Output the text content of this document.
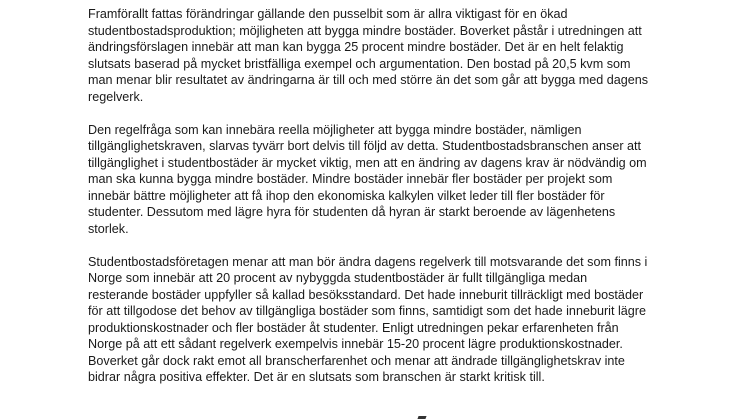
Framförallt fattas förändringar gällande den pusselbit som är allra viktigast för en ökad
studentbostadsproduktion; möjligheten att bygga mindre bostäder. Boverket påstår i utredningen att
ändringsförslagen innebär att man kan bygga 25 procent mindre bostäder. Det är en helt felaktig
slutsats baserad på mycket bristfälliga exempel och argumentation. Den bostad på 20,5 kvm som
man menar blir resultatet av ändringarna är till och med större än det som går att bygga med dagens
regelverk.

Den regelfråga som kan innebära reella möjligheter att bygga mindre bostäder, nämligen
tillgänglighetskraven, slarvas tyvärr bort delvis till följd av detta. Studentbostadsbranschen anser att
tillgänglighet i studentbostäder är mycket viktig, men att en ändring av dagens krav är nödvändig om
man ska kunna bygga mindre bostäder. Mindre bostäder innebär fler bostäder per projekt som
innebär bättre möjligheter att få ihop den ekonomiska kalkylen vilket leder till fler bostäder för
studenter. Dessutom med lägre hyra för studenten då hyran är starkt beroende av lägenhetens
storlek.

Studentbostadsföretagen menar att man bör ändra dagens regelverk till motsvarande det som finns i
Norge som innebär att 20 procent av nybyggda studentbostäder är fullt tillgängliga medan
resterande bostäder uppfyller så kallad besöksstandard. Det hade inneburit tillräckligt med bostäder
för att tillgodose det behov av tillgängliga bostäder som finns, samtidigt som det hade inneburit lägre
produktionskostnader och fler bostäder åt studenter. Enligt utredningen pekar erfarenheten från
Norge på att ett sådant regelverk exempelvis innebär 15-20 procent lägre produktionskostnader.
Boverket går dock rakt emot all branscherfarenhet och menar att ändrade tillgänglighetskrav inte
bidrar några positiva effekter. Det är en slutsats som branschen är starkt kritisk till.
